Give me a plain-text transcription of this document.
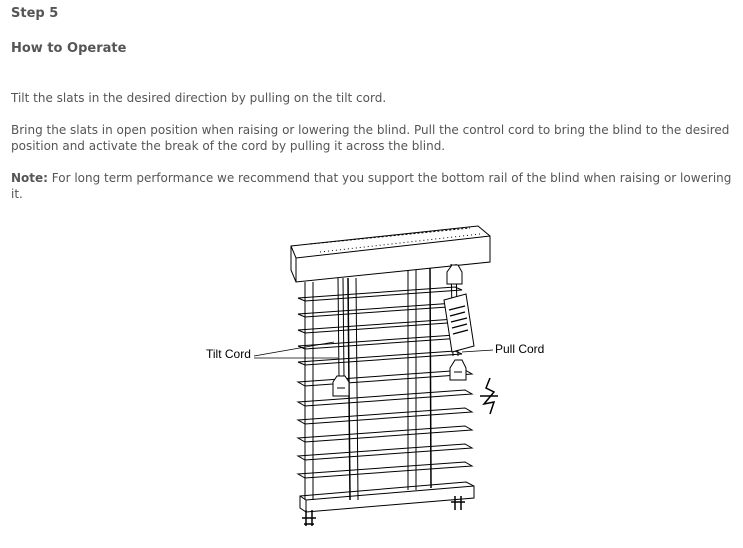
Step 5
How to Operate

Tilt the slats in the desired direction by pulling on the tilt cord.

Bring the slats in open position when raising or lowering the blind. Pull the control cord to bring the blind to the desired position and activate the break of the cord by pulling it across the blind.

Note: For long term performance we recommend that you support the bottom rail of the blind when raising or lowering it.

Tilt Cord	Pull Cord
